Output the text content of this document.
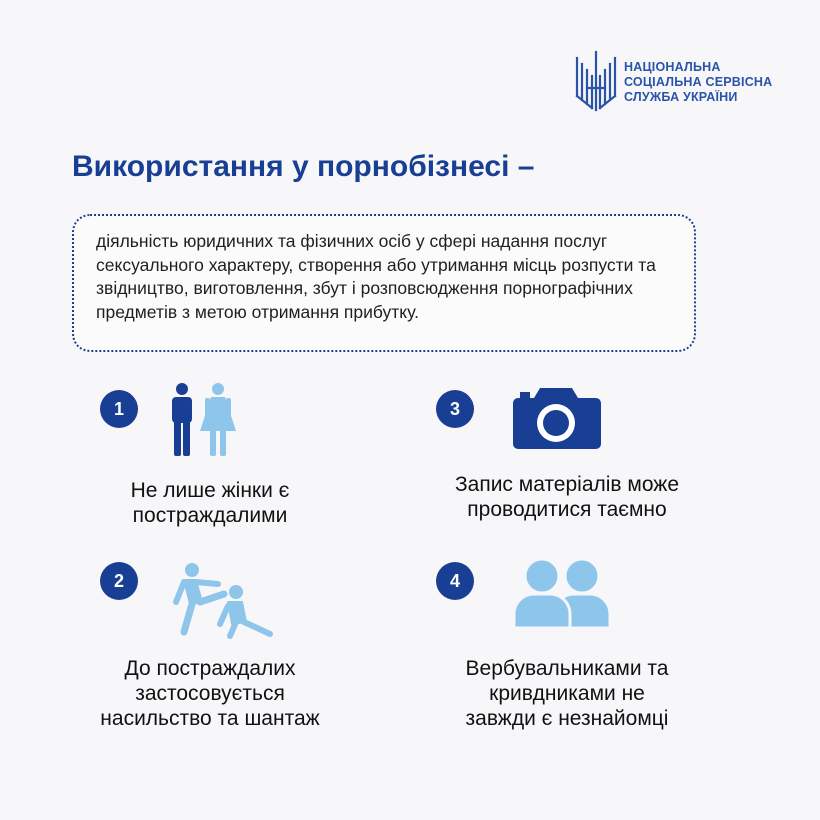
НАЦІОНАЛЬНА
СОЦІАЛЬНА СЕРВІСНА
СЛУЖБА УКРАЇНИ
Використання у порнобізнесі –

діяльність юридичних та фізичних осіб у сфері надання послуг сексуального характеру, створення або утримання місць розпусти та звідництво, виготовлення, збут і розповсюдження порнографічних предметів з метою отримання прибутку.

1
Не лише жінки є
постраждалими
2
До постраждалих
застосовується
насильство та шантаж
3
Запис матеріалів може
проводитися таємно
4
Вербувальниками та
кривдниками не
завжди є незнайомці
